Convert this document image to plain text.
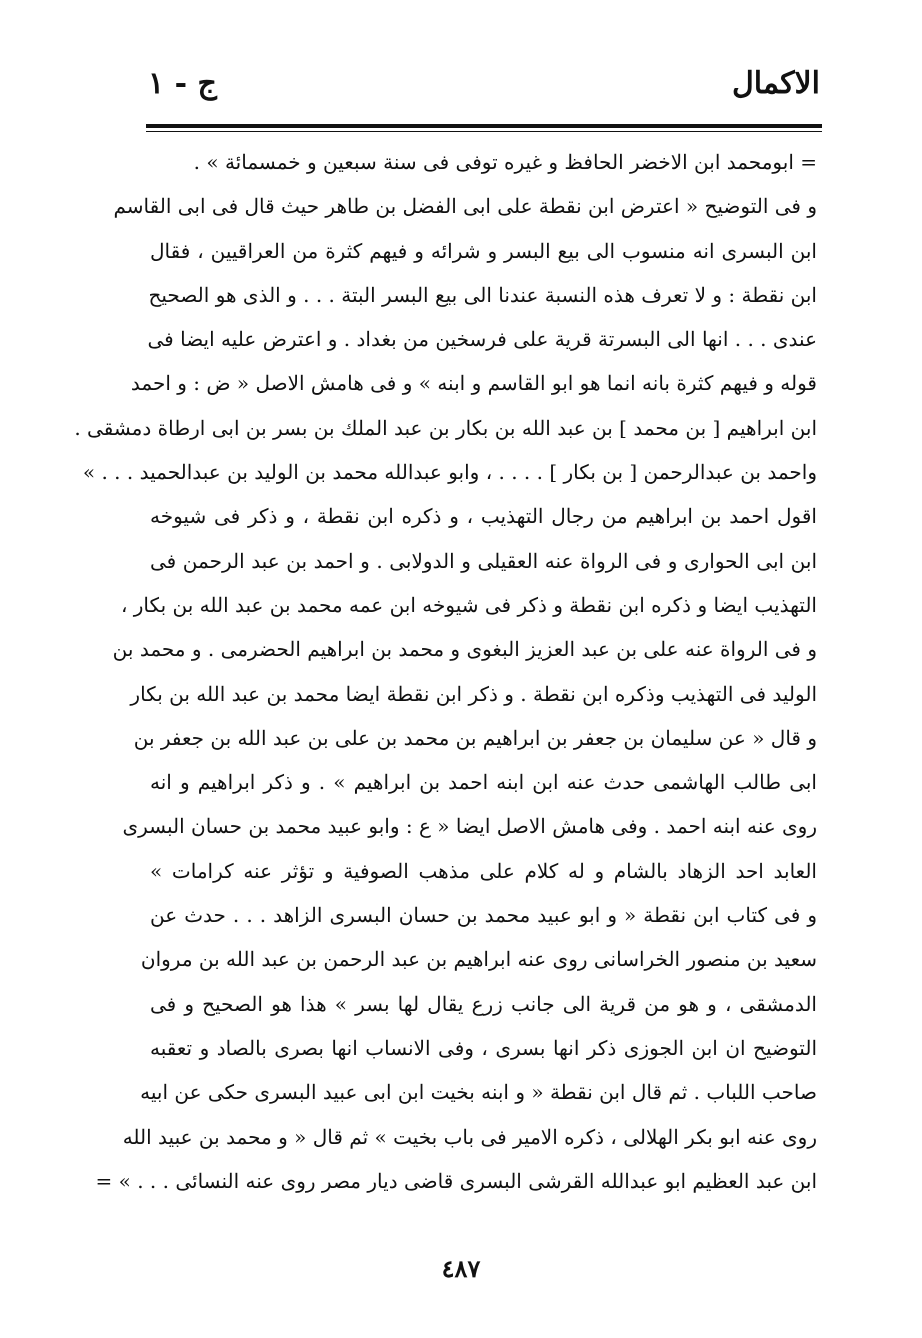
الاكمال
ج - ١
= ابومحمد ابن الاخضر الحافظ و غيره توفى فى سنة سبعين و خمسمائة » .
و فى التوضيح « اعترض ابن نقطة على ابى الفضل بن طاهر حيث قال فى ابى القاسم
ابن البسرى انه منسوب الى بيع البسر و شرائه و فيهم كثرة من العراقيين ، فقال
ابن نقطة : و لا تعرف هذه النسبة عندنا الى بيع البسر البتة . . . و الذى هو الصحيح
عندى . . . انها الى البسرتة قرية على فرسخين من بغداد . و اعترض عليه ايضا فى
قوله و فيهم كثرة بانه انما هو ابو القاسم و ابنه » و فى هامش الاصل « ض : و احمد
ابن ابراهيم [ بن محمد ] بن عبد الله بن بكار بن عبد الملك بن بسر بن ابى ارطاة دمشقى .
واحمد بن عبدالرحمن [ بن بكار ] . . . . ، وابو عبدالله محمد بن الوليد بن عبدالحميد . . . »
اقول احمد بن ابراهيم من رجال التهذيب ، و ذكره ابن نقطة ، و ذكر فى شيوخه
ابن ابى الحوارى و فى الرواة عنه العقيلى و الدولابى . و احمد بن عبد الرحمن فى
التهذيب ايضا و ذكره ابن نقطة و ذكر فى شيوخه ابن عمه محمد بن عبد الله بن بكار ،
و فى الرواة عنه على بن عبد العزيز البغوى و محمد بن ابراهيم الحضرمى . و محمد بن
الوليد فى التهذيب وذكره ابن نقطة . و ذكر ابن نقطة ايضا محمد بن عبد الله بن بكار
و قال « عن سليمان بن جعفر بن ابراهيم بن محمد بن على بن عبد الله بن جعفر بن
ابى طالب الهاشمى حدث عنه ابن ابنه احمد بن ابراهيم » . و ذكر ابراهيم و انه
روى عنه ابنه احمد . وفى هامش الاصل ايضا « ع : وابو عبيد محمد بن حسان البسرى
العابد احد الزهاد بالشام و له كلام على مذهب الصوفية و تؤثر عنه كرامات »
و فى كتاب ابن نقطة « و ابو عبيد محمد بن حسان البسرى الزاهد . . . حدث عن
سعيد بن منصور الخراسانى روى عنه ابراهيم بن عبد الرحمن بن عبد الله بن مروان
الدمشقى ، و هو من قرية الى جانب زرع يقال لها بسر » هذا هو الصحيح و فى
التوضيح ان ابن الجوزى ذكر انها بسرى ، وفى الانساب انها بصرى بالصاد و تعقبه
صاحب اللباب . ثم قال ابن نقطة « و ابنه بخيت ابن ابى عبيد البسرى حكى عن ابيه
روى عنه ابو بكر الهلالى ، ذكره الامير فى باب بخيت » ثم قال « و محمد بن عبيد الله
ابن عبد العظيم ابو عبدالله القرشى البسرى قاضى ديار مصر روى عنه النسائى . . . » =
٤٨٧
